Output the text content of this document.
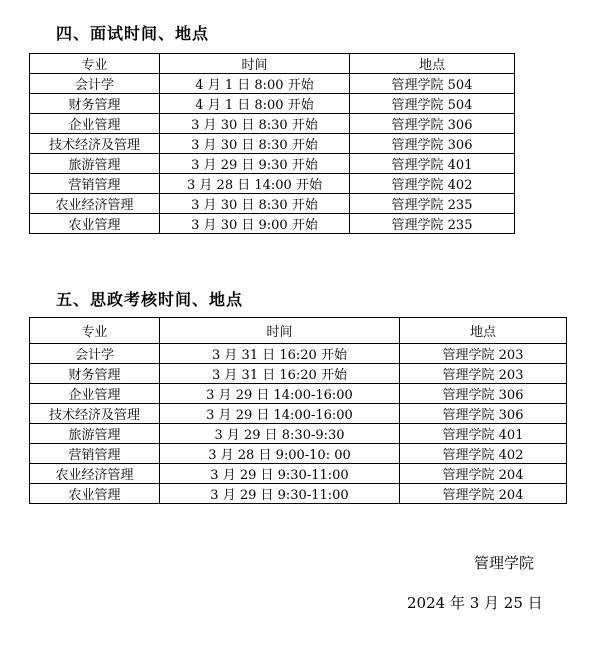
四、面试时间、地点
专业	时间	地点
会计学	4 月 1 日 8:00 开始	管理学院 504
财务管理	4 月 1 日 8:00 开始	管理学院 504
企业管理	3 月 30 日 8:30 开始	管理学院 306
技术经济及管理	3 月 30 日 8:30 开始	管理学院 306
旅游管理	3 月 29 日 9:30 开始	管理学院 401
营销管理	3 月 28 日 14:00 开始	管理学院 402
农业经济管理	3 月 30 日 8:30 开始	管理学院 235
农业管理	3 月 30 日 9:00 开始	管理学院 235
五、思政考核时间、地点
专业	时间	地点
会计学	3 月 31 日 16:20 开始	管理学院 203
财务管理	3 月 31 日 16:20 开始	管理学院 203
企业管理	3 月 29 日 14:00-16:00	管理学院 306
技术经济及管理	3 月 29 日 14:00-16:00	管理学院 306
旅游管理	3 月 29 日 8:30-9:30	管理学院 401
营销管理	3 月 28 日 9:00-10: 00	管理学院 402
农业经济管理	3 月 29 日 9:30-11:00	管理学院 204
农业管理	3 月 29 日 9:30-11:00	管理学院 204
管理学院
2024 年 3 月 25 日
